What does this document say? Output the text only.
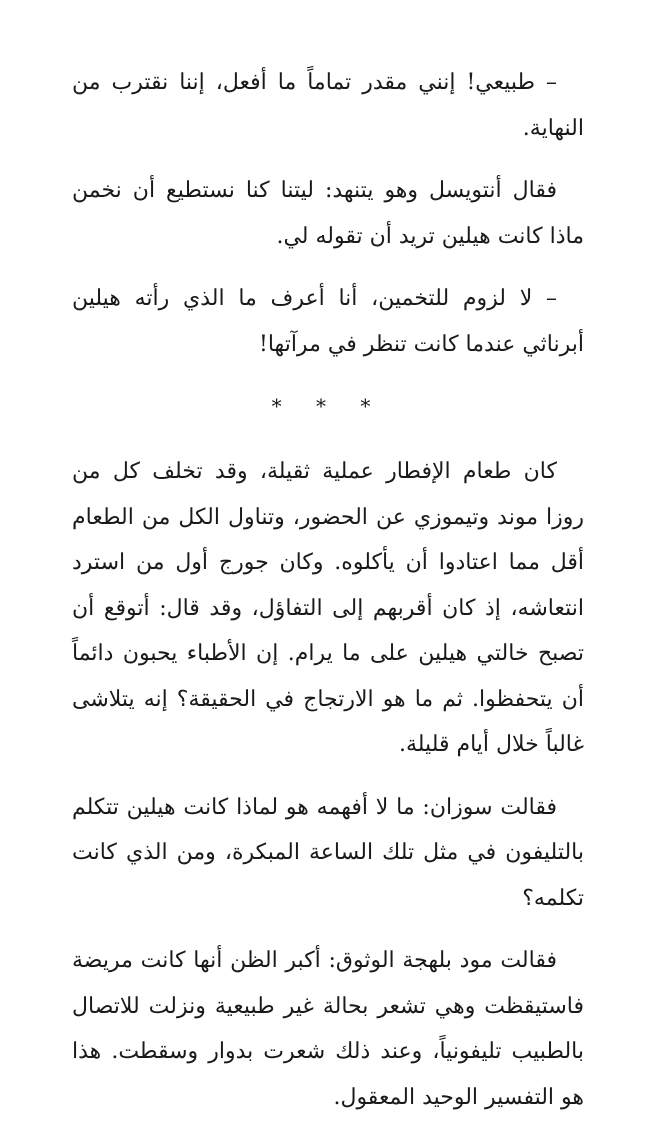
– طبيعي! إنني مقدر تماماً ما أفعل، إننا نقترب من النهاية.

فقال أنتويسل وهو يتنهد: ليتنا كنا نستطيع أن نخمن ماذا كانت هيلين تريد أن تقوله لي.

– لا لزوم للتخمين، أنا أعرف ما الذي رأته هيلين أبرناثي عندما كانت تنظر في مرآتها!

* * *

كان طعام الإفطار عملية ثقيلة، وقد تخلف كل من روزا موند وتيموزي عن الحضور، وتناول الكل من الطعام أقل مما اعتادوا أن يأكلوه. وكان جورج أول من استرد انتعاشه، إذ كان أقربهم إلى التفاؤل، وقد قال: أتوقع أن تصبح خالتي هيلين على ما يرام. إن الأطباء يحبون دائماً أن يتحفظوا. ثم ما هو الارتجاج في الحقيقة؟ إنه يتلاشى غالباً خلال أيام قليلة.

فقالت سوزان: ما لا أفهمه هو لماذا كانت هيلين تتكلم بالتليفون في مثل تلك الساعة المبكرة، ومن الذي كانت تكلمه؟

فقالت مود بلهجة الوثوق: أكبر الظن أنها كانت مريضة فاستيقظت وهي تشعر بحالة غير طبيعية ونزلت للاتصال بالطبيب تليفونياً، وعند ذلك شعرت بدوار وسقطت. هذا هو التفسير الوحيد المعقول.
